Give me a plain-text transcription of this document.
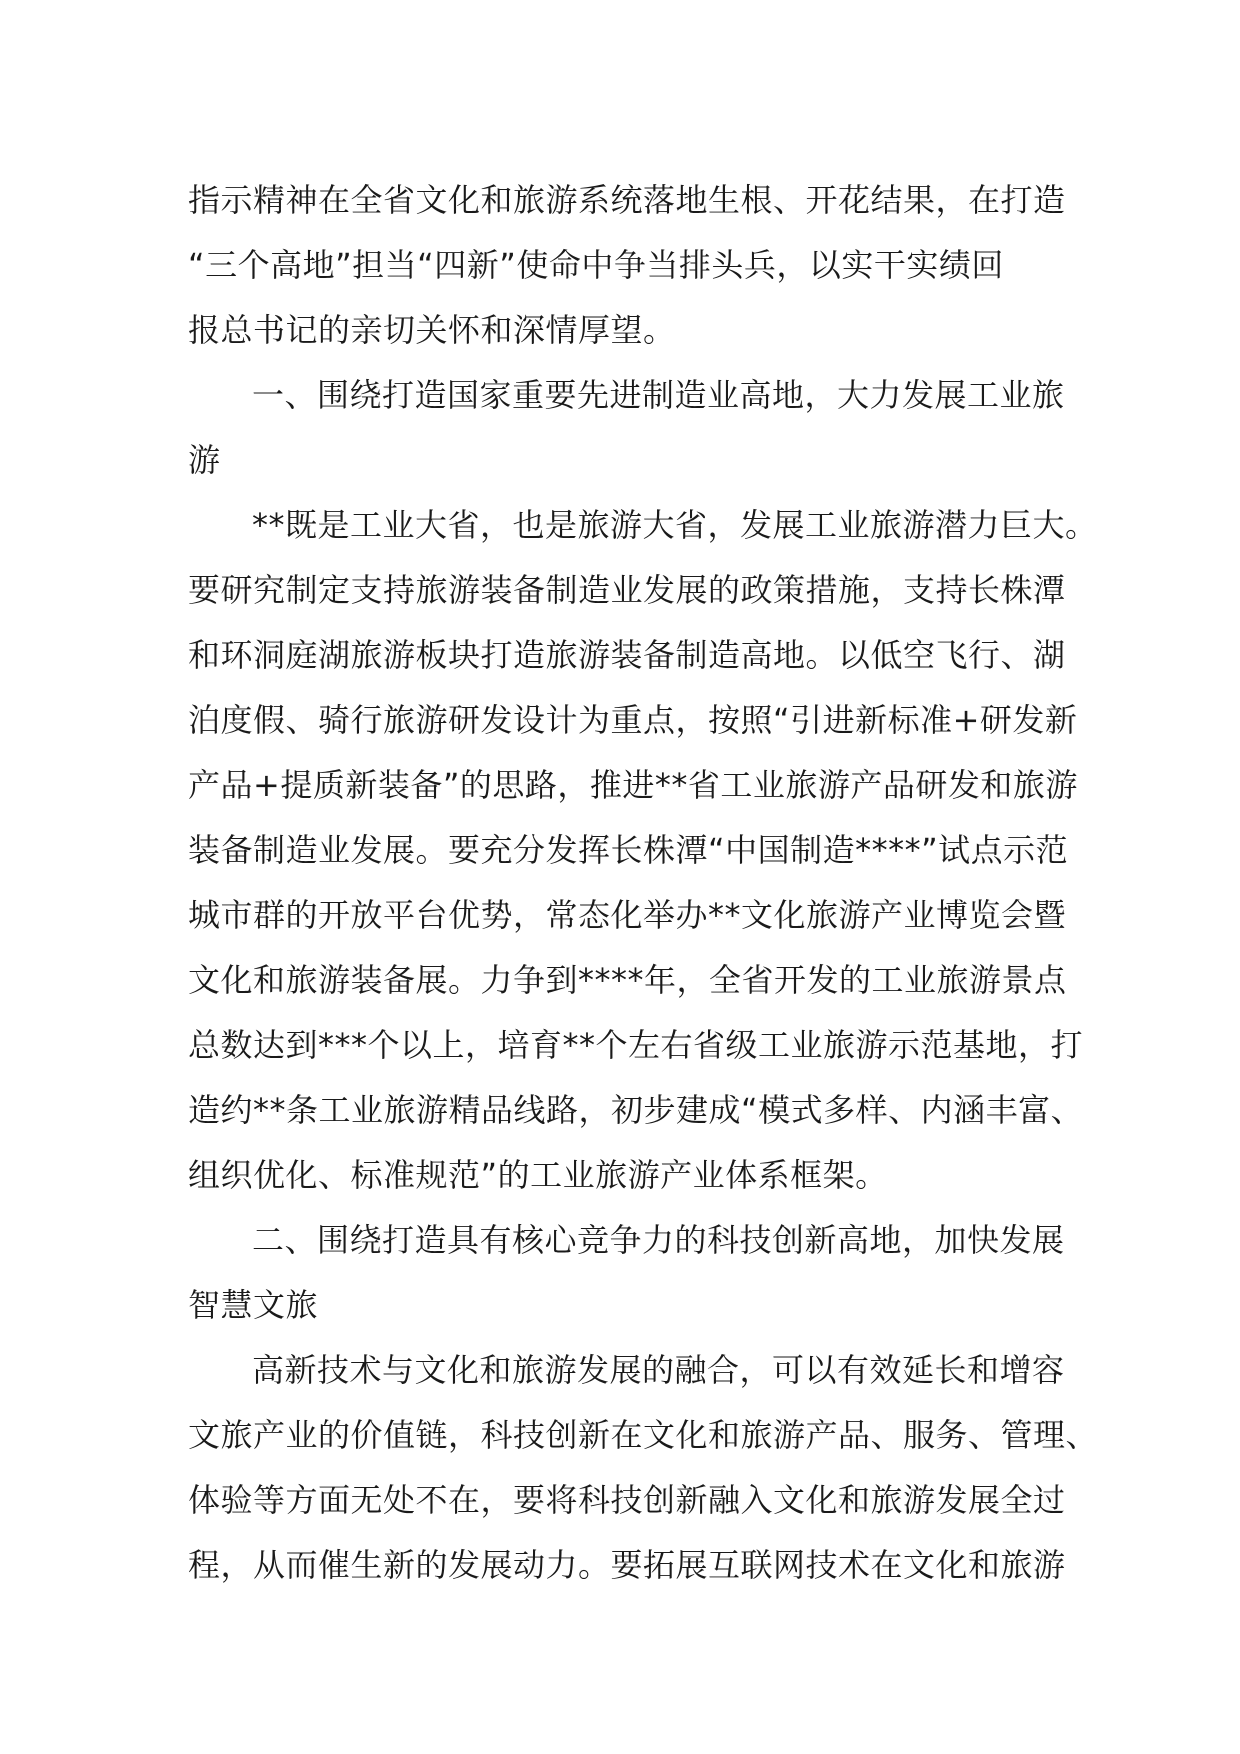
指示精神在全省文化和旅游系统落地生根、开花结果，在打造
“三个高地”担当“四新”使命中争当排头兵，以实干实绩回
报总书记的亲切关怀和深情厚望。
一、围绕打造国家重要先进制造业高地，大力发展工业旅
游
**既是工业大省，也是旅游大省，发展工业旅游潜力巨大。
要研究制定支持旅游装备制造业发展的政策措施，支持长株潭
和环洞庭湖旅游板块打造旅游装备制造高地。以低空飞行、湖
泊度假、骑行旅游研发设计为重点，按照“引进新标准+研发新
产品+提质新装备”的思路，推进**省工业旅游产品研发和旅游
装备制造业发展。要充分发挥长株潭“中国制造****”试点示范
城市群的开放平台优势，常态化举办**文化旅游产业博览会暨
文化和旅游装备展。力争到****年，全省开发的工业旅游景点
总数达到***个以上，培育**个左右省级工业旅游示范基地，打
造约**条工业旅游精品线路，初步建成“模式多样、内涵丰富、
组织优化、标准规范”的工业旅游产业体系框架。
二、围绕打造具有核心竞争力的科技创新高地，加快发展
智慧文旅
高新技术与文化和旅游发展的融合，可以有效延长和增容
文旅产业的价值链，科技创新在文化和旅游产品、服务、管理、
体验等方面无处不在，要将科技创新融入文化和旅游发展全过
程，从而催生新的发展动力。要拓展互联网技术在文化和旅游
